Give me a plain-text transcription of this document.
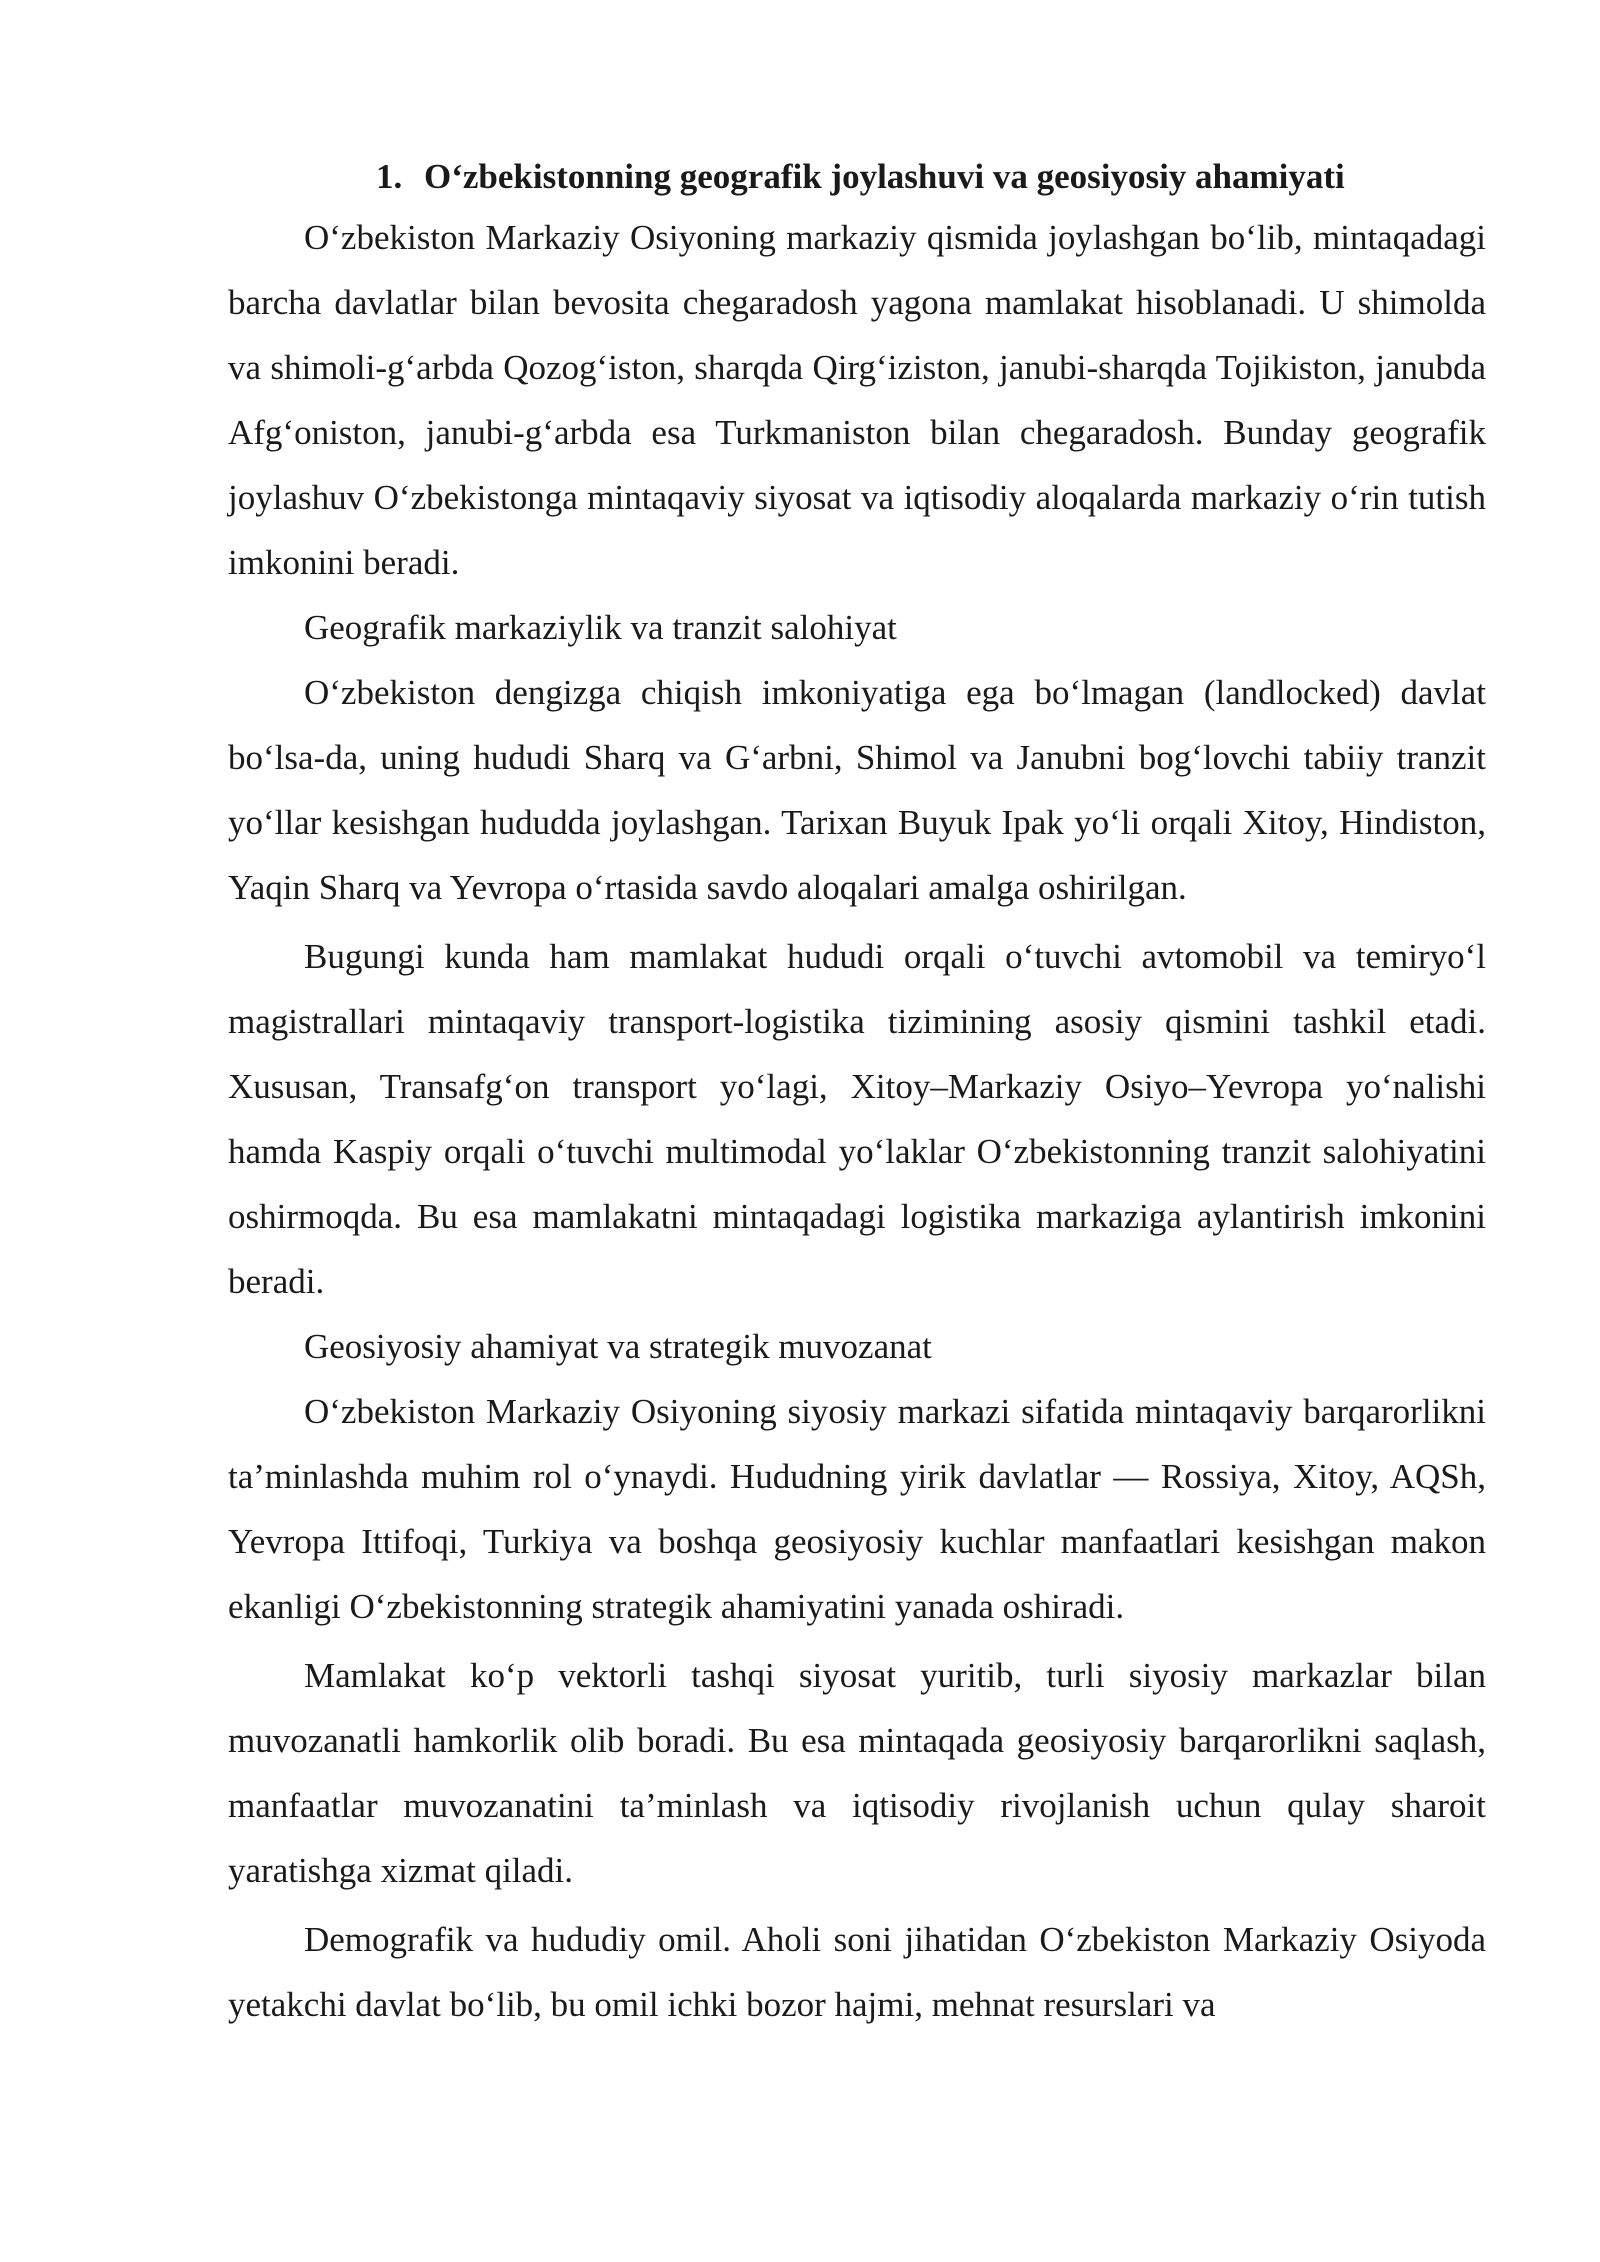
1. O‘zbekistonning geografik joylashuvi va geosiyosiy ahamiyati

O‘zbekiston Markaziy Osiyoning markaziy qismida joylashgan bo‘lib, mintaqadagi barcha davlatlar bilan bevosita chegaradosh yagona mamlakat hisoblanadi. U shimolda va shimoli-g‘arbda Qozog‘iston, sharqda Qirg‘iziston, janubi-sharqda Tojikiston, janubda Afg‘oniston, janubi-g‘arbda esa Turkmaniston bilan chegaradosh. Bunday geografik joylashuv O‘zbekistonga mintaqaviy siyosat va iqtisodiy aloqalarda markaziy o‘rin tutish imkonini beradi.

Geografik markaziylik va tranzit salohiyat

O‘zbekiston dengizga chiqish imkoniyatiga ega bo‘lmagan (landlocked) davlat bo‘lsa-da, uning hududi Sharq va G‘arbni, Shimol va Janubni bog‘lovchi tabiiy tranzit yo‘llar kesishgan hududda joylashgan. Tarixan Buyuk Ipak yo‘li orqali Xitoy, Hindiston, Yaqin Sharq va Yevropa o‘rtasida savdo aloqalari amalga oshirilgan.

Bugungi kunda ham mamlakat hududi orqali o‘tuvchi avtomobil va temiryo‘l magistrallari mintaqaviy transport-logistika tizimining asosiy qismini tashkil etadi. Xususan, Transafg‘on transport yo‘lagi, Xitoy–Markaziy Osiyo–Yevropa yo‘nalishi hamda Kaspiy orqali o‘tuvchi multimodal yo‘laklar O‘zbekistonning tranzit salohiyatini oshirmoqda. Bu esa mamlakatni mintaqadagi logistika markaziga aylantirish imkonini beradi.

Geosiyosiy ahamiyat va strategik muvozanat

O‘zbekiston Markaziy Osiyoning siyosiy markazi sifatida mintaqaviy barqarorlikni ta’minlashda muhim rol o‘ynaydi. Hududning yirik davlatlar — Rossiya, Xitoy, AQSh, Yevropa Ittifoqi, Turkiya va boshqa geosiyosiy kuchlar manfaatlari kesishgan makon ekanligi O‘zbekistonning strategik ahamiyatini yanada oshiradi.

Mamlakat ko‘p vektorli tashqi siyosat yuritib, turli siyosiy markazlar bilan muvozanatli hamkorlik olib boradi. Bu esa mintaqada geosiyosiy barqarorlikni saqlash, manfaatlar muvozanatini ta’minlash va iqtisodiy rivojlanish uchun qulay sharoit yaratishga xizmat qiladi.

Demografik va hududiy omil. Aholi soni jihatidan O‘zbekiston Markaziy Osiyoda yetakchi davlat bo‘lib, bu omil ichki bozor hajmi, mehnat resurslari va
